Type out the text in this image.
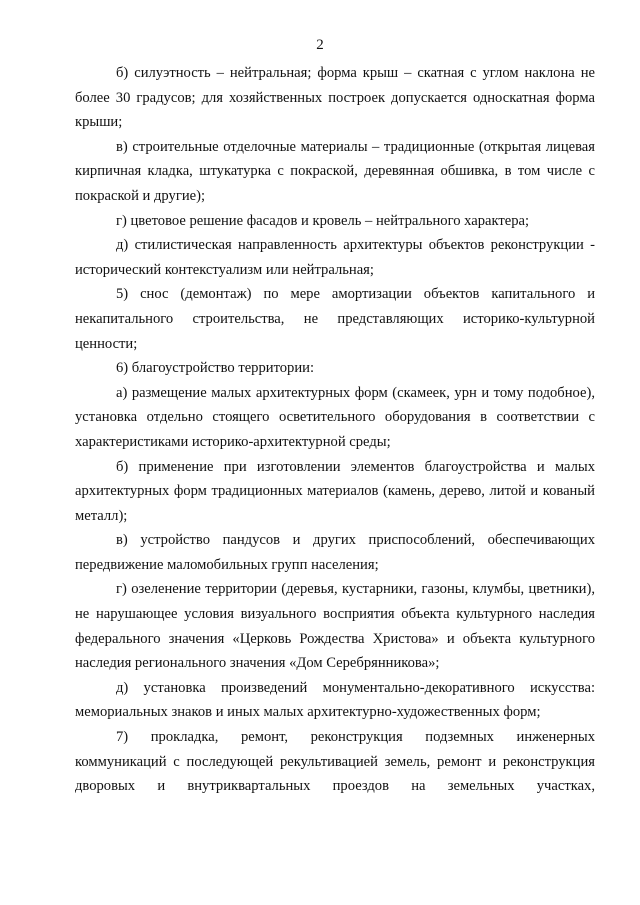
2

б) силуэтность – нейтральная; форма крыш – скатная с углом наклона не более 30 градусов; для хозяйственных построек допускается односкатная форма крыши;

в) строительные отделочные материалы – традиционные (открытая лицевая кирпичная кладка, штукатурка с покраской, деревянная обшивка, в том числе с покраской и другие);

г) цветовое решение фасадов и кровель – нейтрального характера;

д) стилистическая направленность архитектуры объектов реконструкции - исторический контекстуализм или нейтральная;

5) снос (демонтаж) по мере амортизации объектов капитального и некапитального строительства, не представляющих историко-культурной ценности;

6) благоустройство территории:

а) размещение малых архитектурных форм (скамеек, урн и тому подобное), установка отдельно стоящего осветительного оборудования в соответствии с характеристиками историко-архитектурной среды;

б) применение при изготовлении элементов благоустройства и малых архитектурных форм традиционных материалов (камень, дерево, литой и кованый металл);

в) устройство пандусов и других приспособлений, обеспечивающих передвижение маломобильных групп населения;

г) озеленение территории (деревья, кустарники, газоны, клумбы, цветники), не нарушающее условия визуального восприятия объекта культурного наследия федерального значения «Церковь Рождества Христова» и объекта культурного наследия регионального значения «Дом Серебрянникова»;

д) установка произведений монументально-декоративного искусства: мемориальных знаков и иных малых архитектурно-художественных форм;

7) прокладка, ремонт, реконструкция подземных инженерных коммуникаций с последующей рекультивацией земель, ремонт и реконструкция дворовых и внутриквартальных проездов на земельных участках,
